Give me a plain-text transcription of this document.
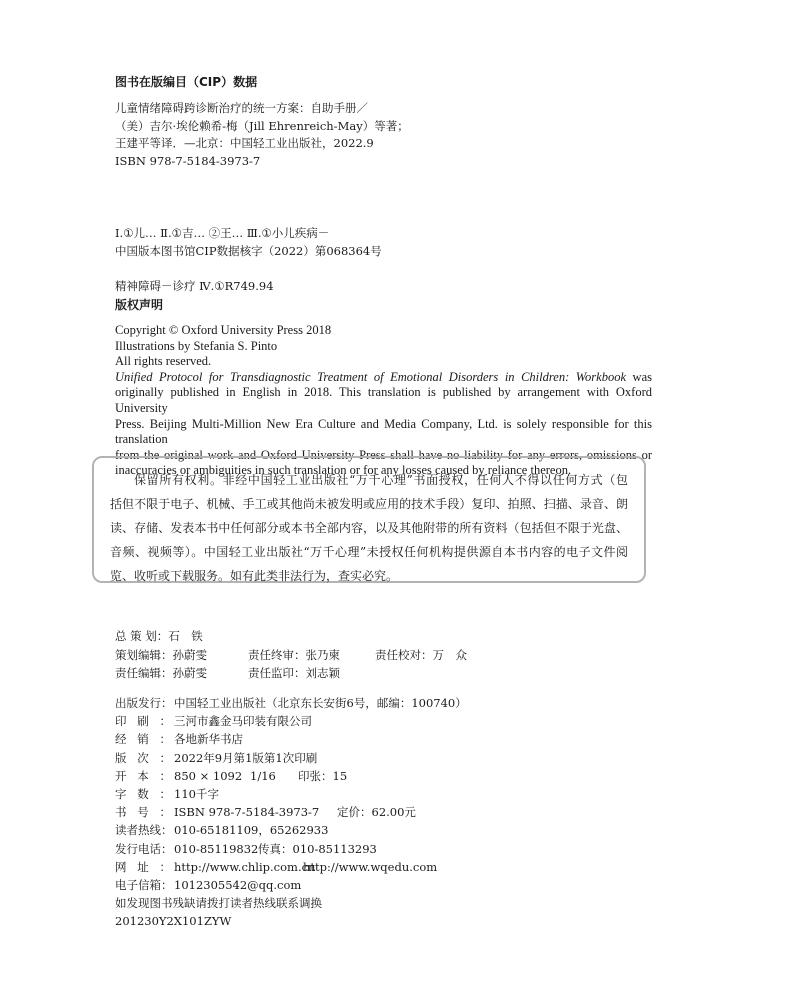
图书在版编目（CIP）数据
儿童情绪障碍跨诊断治疗的统一方案：自助手册／
（美）吉尔·埃伦赖希-梅（Jill Ehrenreich-May）等著；
王建平等译．—北京：中国轻工业出版社，2022.9
ISBN 978-7-5184-3973-7

Ⅰ.①儿… Ⅱ.①吉… ②王… Ⅲ.①小儿疾病－

精神障碍－诊疗 Ⅳ.①R749.94

中国版本图书馆CIP数据核字（2022）第068364号
版权声明
Copyright © Oxford University Press 2018
Illustrations by Stefania S. Pinto
All rights reserved.
Unified Protocol for Transdiagnostic Treatment of Emotional Disorders in Children: Workbook was
originally published in English in 2018. This translation is published by arrangement with Oxford University
Press. Beijing Multi-Million New Era Culture and Media Company, Ltd. is solely responsible for this translation
from the original work and Oxford University Press shall have no liability for any errors, omissions or
inaccuracies or ambiguities in such translation or for any losses caused by reliance thereon.
保留所有权利。非经中国轻工业出版社“万千心理”书面授权，任何人不得以任何方式（包
括但不限于电子、机械、手工或其他尚未被发明或应用的技术手段）复印、拍照、扫描、录音、朗
读、存储、发表本书中任何部分或本书全部内容，以及其他附带的所有资料（包括但不限于光盘、
音频、视频等）。中国轻工业出版社“万千心理”未授权任何机构提供源自本书内容的电子文件阅
览、收听或下载服务。如有此类非法行为，查实必究。
总 策 划：石　铁
策划编辑：孙蔚雯	责任终审：张乃柬	责任校对：万　众
责任编辑：孙蔚雯	责任监印：刘志颖
出版发行： 中国轻工业出版社（北京东长安街6号，邮编：100740）
印刷： 三河市鑫金马印装有限公司
经销： 各地新华书店
版次： 2022年9月第1版第1次印刷
开本： 850 × 1092 1/16 印张：15
字数： 110千字
书号： ISBN 978-7-5184-3973-7 定价：62.00元
读者热线： 010-65181109，65262933
发行电话： 010-85119832 传真：010-85113293
网址： http://www.chlip.com.cn
http://www.wqedu.com
电子信箱： 1012305542@qq.com
如发现图书残缺请拨打读者热线联系调换
201230Y2X101ZYW
